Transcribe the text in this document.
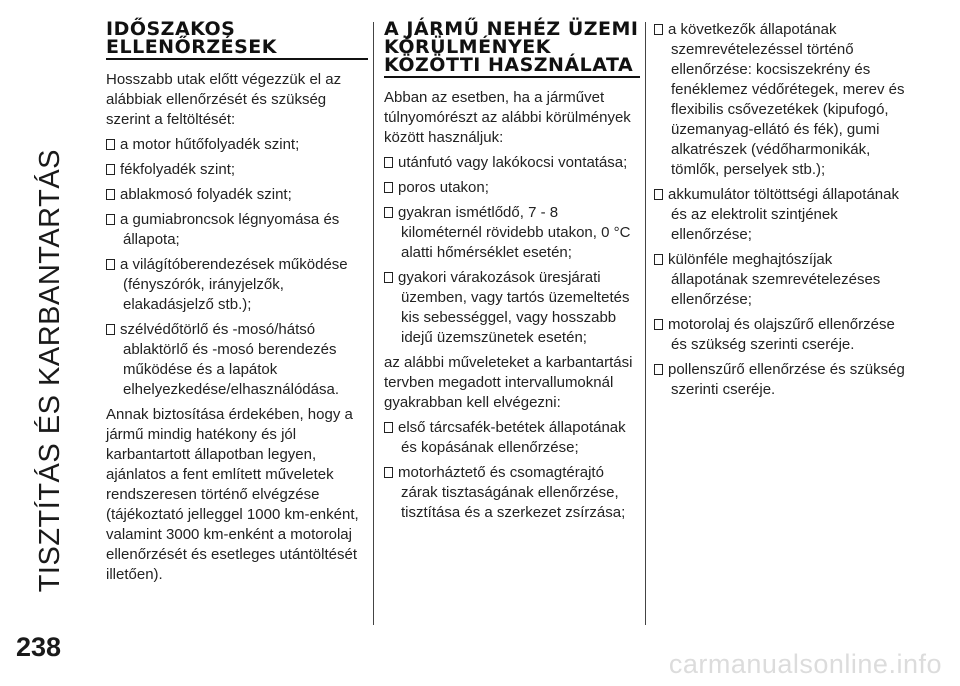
TISZTÍTÁS ÉS KARBANTARTÁS
238
IDŐSZAKOS ELLENŐRZÉSEK

Hosszabb utak előtt végezzük el az alábbiak ellenőrzését és szükség szerint a feltöltését:

a motor hűtőfolyadék szint;
fékfolyadék szint;
ablakmosó folyadék szint;
a gumiabroncsok légnyomása és állapota;
a világítóberendezések működése (fényszórók, irányjelzők, elakadásjelző stb.);
szélvédőtörlő és -mosó/hátsó ablaktörlő és -mosó berendezés működése és a lapátok elhelyezkedése/elhasználódása.

Annak biztosítása érdekében, hogy a jármű mindig hatékony és jól karbantartott állapotban legyen, ajánlatos a fent említett műveletek rendszeresen történő elvégzése (tájékoztató jelleggel 1000 km-enként, valamint 3000 km-enként a motorolaj ellenőrzését és esetleges utántöltését illetően).

A JÁRMŰ NEHÉZ ÜZEMI KÖRÜLMÉNYEK KÖZÖTTI HASZNÁLATA

Abban az esetben, ha a járművet túlnyomórészt az alábbi körülmények között használjuk:

utánfutó vagy lakókocsi vontatása;
poros utakon;
gyakran ismétlődő, 7 - 8 kilométernél rövidebb utakon, 0 °C alatti hőmérséklet esetén;
gyakori várakozások üresjárati üzemben, vagy tartós üzemeltetés kis sebességgel, vagy hosszabb idejű üzemszünetek esetén;

az alábbi műveleteket a karbantartási tervben megadott intervallumoknál gyakrabban kell elvégezni:

első tárcsafék-betétek állapotának és kopásának ellenőrzése;
motorháztető és csomagtérajtó zárak tisztaságának ellenőrzése, tisztítása és a szerkezet zsírzása;
a következők állapotának szemrevételezéssel történő ellenőrzése: kocsiszekrény és fenéklemez védőrétegek, merev és flexibilis csővezetékek (kipufogó, üzemanyag-ellátó és fék), gumi alkatrészek (védőharmonikák, tömlők, perselyek stb.);
akkumulátor töltöttségi állapotának és az elektrolit szintjének ellenőrzése;
különféle meghajtószíjak állapotának szemrevételezéses ellenőrzése;
motorolaj és olajszűrő ellenőrzése és szükség szerinti cseréje.
pollenszűrő ellenőrzése és szükség szerinti cseréje.
carmanualsonline.info
